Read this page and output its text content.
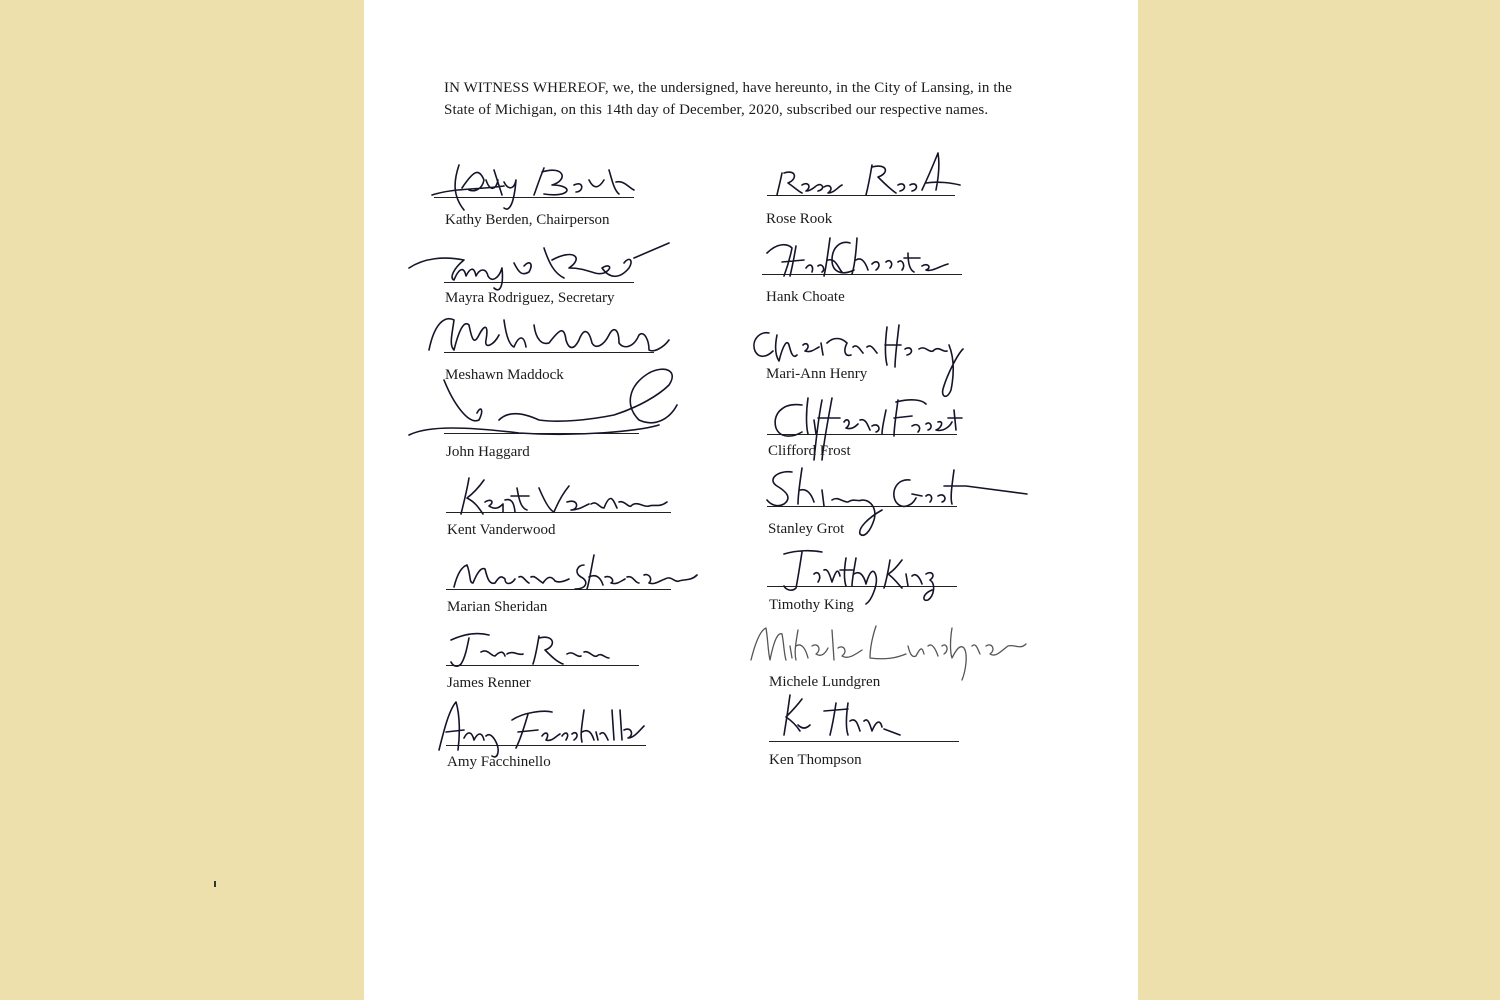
IN WITNESS WHEREOF, we, the undersigned, have hereunto, in the City of Lansing, in the State of Michigan, on this 14th day of December, 2020, subscribed our respective names.
Kathy Berden, Chairperson
Mayra Rodriguez, Secretary
Meshawn Maddock
John Haggard
Kent Vanderwood
Marian Sheridan
James Renner
Amy Facchinello
Rose Rook
Hank Choate
Mari-Ann Henry
Clifford Frost
Stanley Grot
Timothy King
Michele Lundgren
Ken Thompson
